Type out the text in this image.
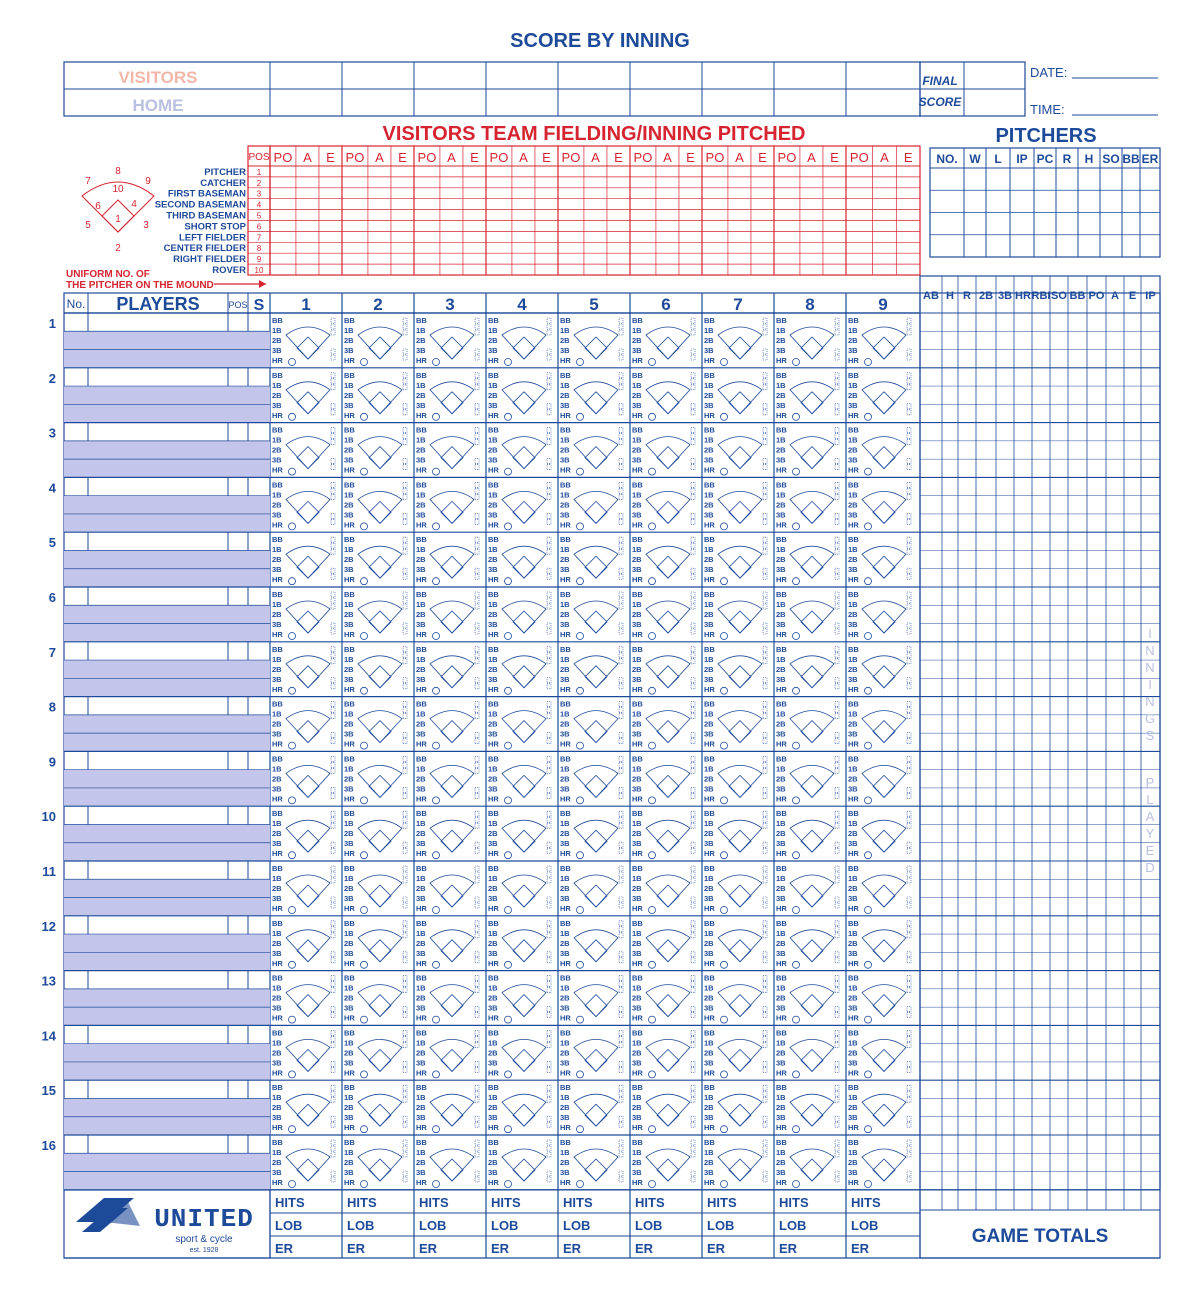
VISITORS
HOME
FINAL
SCORE
DATE:
TIME:
VISITORS TEAM FIELDING/INNING PITCHED	PITCHERS
POS PO A E PO A E PO A E PO A E PO A E PO A E PO A E PO A E PO A E
PITCHER 1
CATCHER 2
FIRST BASEMAN 3
SECOND BASEMAN 4
THIRD BASEMAN 5
SHORT STOP 6
LEFT FIELDER 7
CENTER FIELDER 8
RIGHT FIELDER 9
ROVER 10
8
7	9
10
6	4
1
5	3
2
UNIFORM NO. OF
THE PITCHER ON THE MOUND
NO. W L IP PC R H SO BB ER
No. PLAYERS	POS S 1	2	3	4	5	6	7	8	9
1	BB
1B
2B
3B
HR
BB
1B
2B
3B
HR
BB
1B
2B
3B
HR
BB
1B
2B
3B
HR
BB
1B
2B
3B
HR
BB
1B
2B
3B
HR
BB
1B
2B
3B
HR
BB
1B
2B
3B
HR
BB
1B
2B
3B
HR
2	BB
1B
2B
3B
HR
BB
1B
2B
3B
HR
BB
1B
2B
3B
HR
BB
1B
2B
3B
HR
BB
1B
2B
3B
HR
BB
1B
2B
3B
HR
BB
1B
2B
3B
HR
BB
1B
2B
3B
HR
BB
1B
2B
3B
HR
3	BB
1B
2B
3B
HR
BB
1B
2B
3B
HR
BB
1B
2B
3B
HR
BB
1B
2B
3B
HR
BB
1B
2B
3B
HR
BB
1B
2B
3B
HR
BB
1B
2B
3B
HR
BB
1B
2B
3B
HR
BB
1B
2B
3B
HR
4	BB
1B
2B
3B
HR
BB
1B
2B
3B
HR
BB
1B
2B
3B
HR
BB
1B
2B
3B
HR
BB
1B
2B
3B
HR
BB
1B
2B
3B
HR
BB
1B
2B
3B
HR
BB
1B
2B
3B
HR
BB
1B
2B
3B
HR
5	BB
1B
2B
3B
HR
BB
1B
2B
3B
HR
BB
1B
2B
3B
HR
BB
1B
2B
3B
HR
BB
1B
2B
3B
HR
BB
1B
2B
3B
HR
BB
1B
2B
3B
HR
BB
1B
2B
3B
HR
BB
1B
2B
3B
HR
6	BB
1B
2B
3B
HR
BB
1B
2B
3B
HR
BB
1B
2B
3B
HR
BB
1B
2B
3B
HR
BB
1B
2B
3B
HR
BB
1B
2B
3B
HR
BB
1B
2B
3B
HR
BB
1B
2B
3B
HR
BB
1B
2B
3B
HR
7	BB
1B
2B
3B
HR
BB
1B
2B
3B
HR
BB
1B
2B
3B
HR
BB
1B
2B
3B
HR
BB
1B
2B
3B
HR
BB
1B
2B
3B
HR
BB
1B
2B
3B
HR
BB
1B
2B
3B
HR
BB
1B
2B
3B
HR
8	BB
1B
2B
3B
HR
BB
1B
2B
3B
HR
BB
1B
2B
3B
HR
BB
1B
2B
3B
HR
BB
1B
2B
3B
HR
BB
1B
2B
3B
HR
BB
1B
2B
3B
HR
BB
1B
2B
3B
HR
BB
1B
2B
3B
HR
9	BB
1B
2B
3B
HR
BB
1B
2B
3B
HR
BB
1B
2B
3B
HR
BB
1B
2B
3B
HR
BB
1B
2B
3B
HR
BB
1B
2B
3B
HR
BB
1B
2B
3B
HR
BB
1B
2B
3B
HR
BB
1B
2B
3B
HR
10	BB
1B
2B
3B
HR
BB
1B
2B
3B
HR
BB
1B
2B
3B
HR
BB
1B
2B
3B
HR
BB
1B
2B
3B
HR
BB
1B
2B
3B
HR
BB
1B
2B
3B
HR
BB
1B
2B
3B
HR
BB
1B
2B
3B
HR
11	BB
1B
2B
3B
HR
BB
1B
2B
3B
HR
BB
1B
2B
3B
HR
BB
1B
2B
3B
HR
BB
1B
2B
3B
HR
BB
1B
2B
3B
HR
BB
1B
2B
3B
HR
BB
1B
2B
3B
HR
BB
1B
2B
3B
HR
12	BB
1B
2B
3B
HR
BB
1B
2B
3B
HR
BB
1B
2B
3B
HR
BB
1B
2B
3B
HR
BB
1B
2B
3B
HR
BB
1B
2B
3B
HR
BB
1B
2B
3B
HR
BB
1B
2B
3B
HR
BB
1B
2B
3B
HR
13	BB
1B
2B
3B
HR
BB
1B
2B
3B
HR
BB
1B
2B
3B
HR
BB
1B
2B
3B
HR
BB
1B
2B
3B
HR
BB
1B
2B
3B
HR
BB
1B
2B
3B
HR
BB
1B
2B
3B
HR
BB
1B
2B
3B
HR
14	BB
1B
2B
3B
HR
BB
1B
2B
3B
HR
BB
1B
2B
3B
HR
BB
1B
2B
3B
HR
BB
1B
2B
3B
HR
BB
1B
2B
3B
HR
BB
1B
2B
3B
HR
BB
1B
2B
3B
HR
BB
1B
2B
3B
HR
15	BB
1B
2B
3B
HR
BB
1B
2B
3B
HR
BB
1B
2B
3B
HR
BB
1B
2B
3B
HR
BB
1B
2B
3B
HR
BB
1B
2B
3B
HR
BB
1B
2B
3B
HR
BB
1B
2B
3B
HR
BB
1B
2B
3B
HR
16	BB
1B
2B
3B
HR
BB
1B
2B
3B
HR
BB
1B
2B
3B
HR
BB
1B
2B
3B
HR
BB
1B
2B
3B
HR
BB
1B
2B
3B
HR
BB
1B
2B
3B
HR
BB
1B
2B
3B
HR
BB
1B
2B
3B
HR
AB H R 2B 3B HR RBI SO BB PO A E IP
I
N
N
I
N
G
S
P
L
A
Y
E
D
GAME TOTALS
HITS
LOB
ER
HITS
LOB
ER
HITS
LOB
ER
HITS
LOB
ER
HITS
LOB
ER
HITS
LOB
ER
HITS
LOB
ER
HITS
LOB
ER
HITS
LOB
ER
UNITED
sport & cycle
est. 1928
SCORE BY INNING
